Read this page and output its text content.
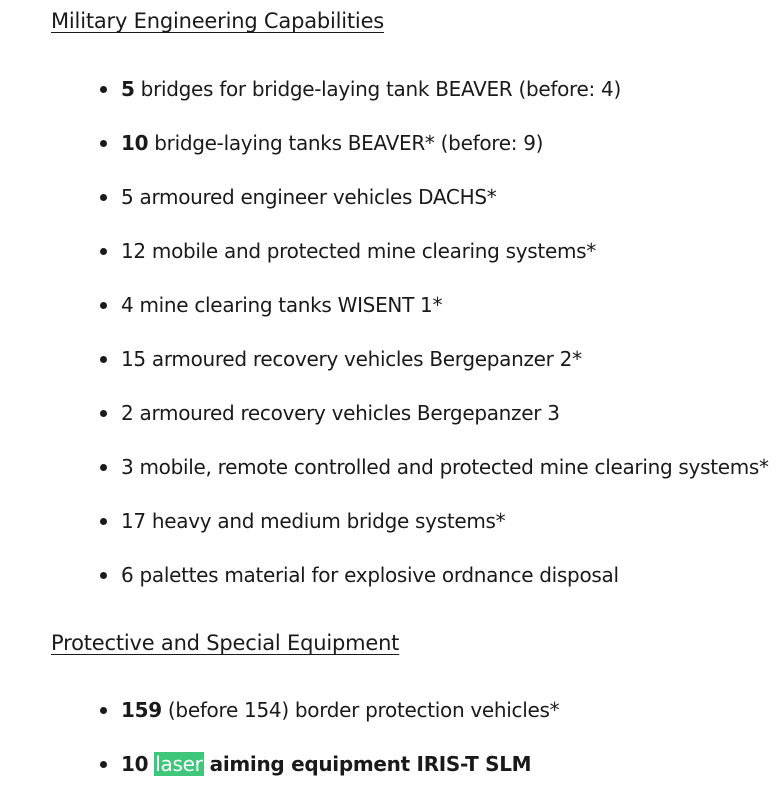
Military Engineering Capabilities
5 bridges for bridge-laying tank BEAVER (before: 4)
10 bridge-laying tanks BEAVER* (before: 9)
5 armoured engineer vehicles DACHS*
12 mobile and protected mine clearing systems*
4 mine clearing tanks WISENT 1*
15 armoured recovery vehicles Bergepanzer 2*
2 armoured recovery vehicles Bergepanzer 3
3 mobile, remote controlled and protected mine clearing systems*
17 heavy and medium bridge systems*
6 palettes material for explosive ordnance disposal
Protective and Special Equipment
159 (before 154) border protection vehicles*
10 laser aiming equipment IRIS-T SLM
